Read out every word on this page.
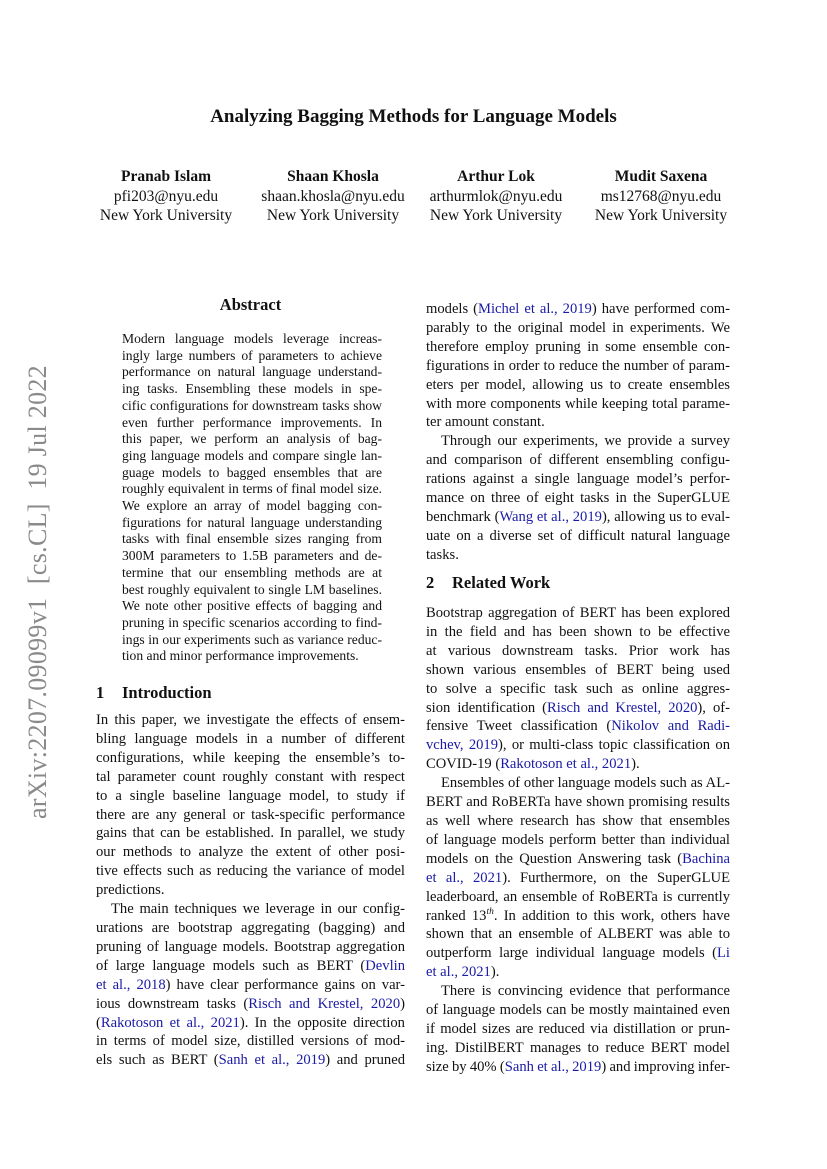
arXiv:2207.09099v1  [cs.CL]  19 Jul 2022
Analyzing Bagging Methods for Language Models
Pranab Islam
pfi203@nyu.edu
New York University
Shaan Khosla
shaan.khosla@nyu.edu
New York University
Arthur Lok
arthurmlok@nyu.edu
New York University
Mudit Saxena
ms12768@nyu.edu
New York University
Abstract
Modern language models leverage increas-
ingly large numbers of parameters to achieve
performance on natural language understand-
ing tasks. Ensembling these models in spe-
cific configurations for downstream tasks show
even further performance improvements. In
this paper, we perform an analysis of bag-
ging language models and compare single lan-
guage models to bagged ensembles that are
roughly equivalent in terms of final model size.
We explore an array of model bagging con-
figurations for natural language understanding
tasks with final ensemble sizes ranging from
300M parameters to 1.5B parameters and de-
termine that our ensembling methods are at
best roughly equivalent to single LM baselines.
We note other positive effects of bagging and
pruning in specific scenarios according to find-
ings in our experiments such as variance reduc-
tion and minor performance improvements.
1 Introduction
In this paper, we investigate the effects of ensem-
bling language models in a number of different
configurations, while keeping the ensemble’s to-
tal parameter count roughly constant with respect
to a single baseline language model, to study if
there are any general or task-specific performance
gains that can be established. In parallel, we study
our methods to analyze the extent of other posi-
tive effects such as reducing the variance of model
predictions.
The main techniques we leverage in our config-
urations are bootstrap aggregating (bagging) and
pruning of language models. Bootstrap aggregation
of large language models such as BERT (Devlin
et al., 2018) have clear performance gains on var-
ious downstream tasks (Risch and Krestel, 2020)
(Rakotoson et al., 2021). In the opposite direction
in terms of model size, distilled versions of mod-
els such as BERT (Sanh et al., 2019) and pruned
models (Michel et al., 2019) have performed com-
parably to the original model in experiments. We
therefore employ pruning in some ensemble con-
figurations in order to reduce the number of param-
eters per model, allowing us to create ensembles
with more components while keeping total parame-
ter amount constant.
Through our experiments, we provide a survey
and comparison of different ensembling configu-
rations against a single language model’s perfor-
mance on three of eight tasks in the SuperGLUE
benchmark (Wang et al., 2019), allowing us to eval-
uate on a diverse set of difficult natural language
tasks.
2 Related Work
Bootstrap aggregation of BERT has been explored
in the field and has been shown to be effective
at various downstream tasks. Prior work has
shown various ensembles of BERT being used
to solve a specific task such as online aggres-
sion identification (Risch and Krestel, 2020), of-
fensive Tweet classification (Nikolov and Radi-
vchev, 2019), or multi-class topic classification on
COVID-19 (Rakotoson et al., 2021).
Ensembles of other language models such as AL-
BERT and RoBERTa have shown promising results
as well where research has show that ensembles
of language models perform better than individual
models on the Question Answering task (Bachina
et al., 2021). Furthermore, on the SuperGLUE
leaderboard, an ensemble of RoBERTa is currently
ranked 13th. In addition to this work, others have
shown that an ensemble of ALBERT was able to
outperform large individual language models (Li
et al., 2021).
There is convincing evidence that performance
of language models can be mostly maintained even
if model sizes are reduced via distillation or prun-
ing. DistilBERT manages to reduce BERT model
size by 40% (Sanh et al., 2019) and improving infer-
